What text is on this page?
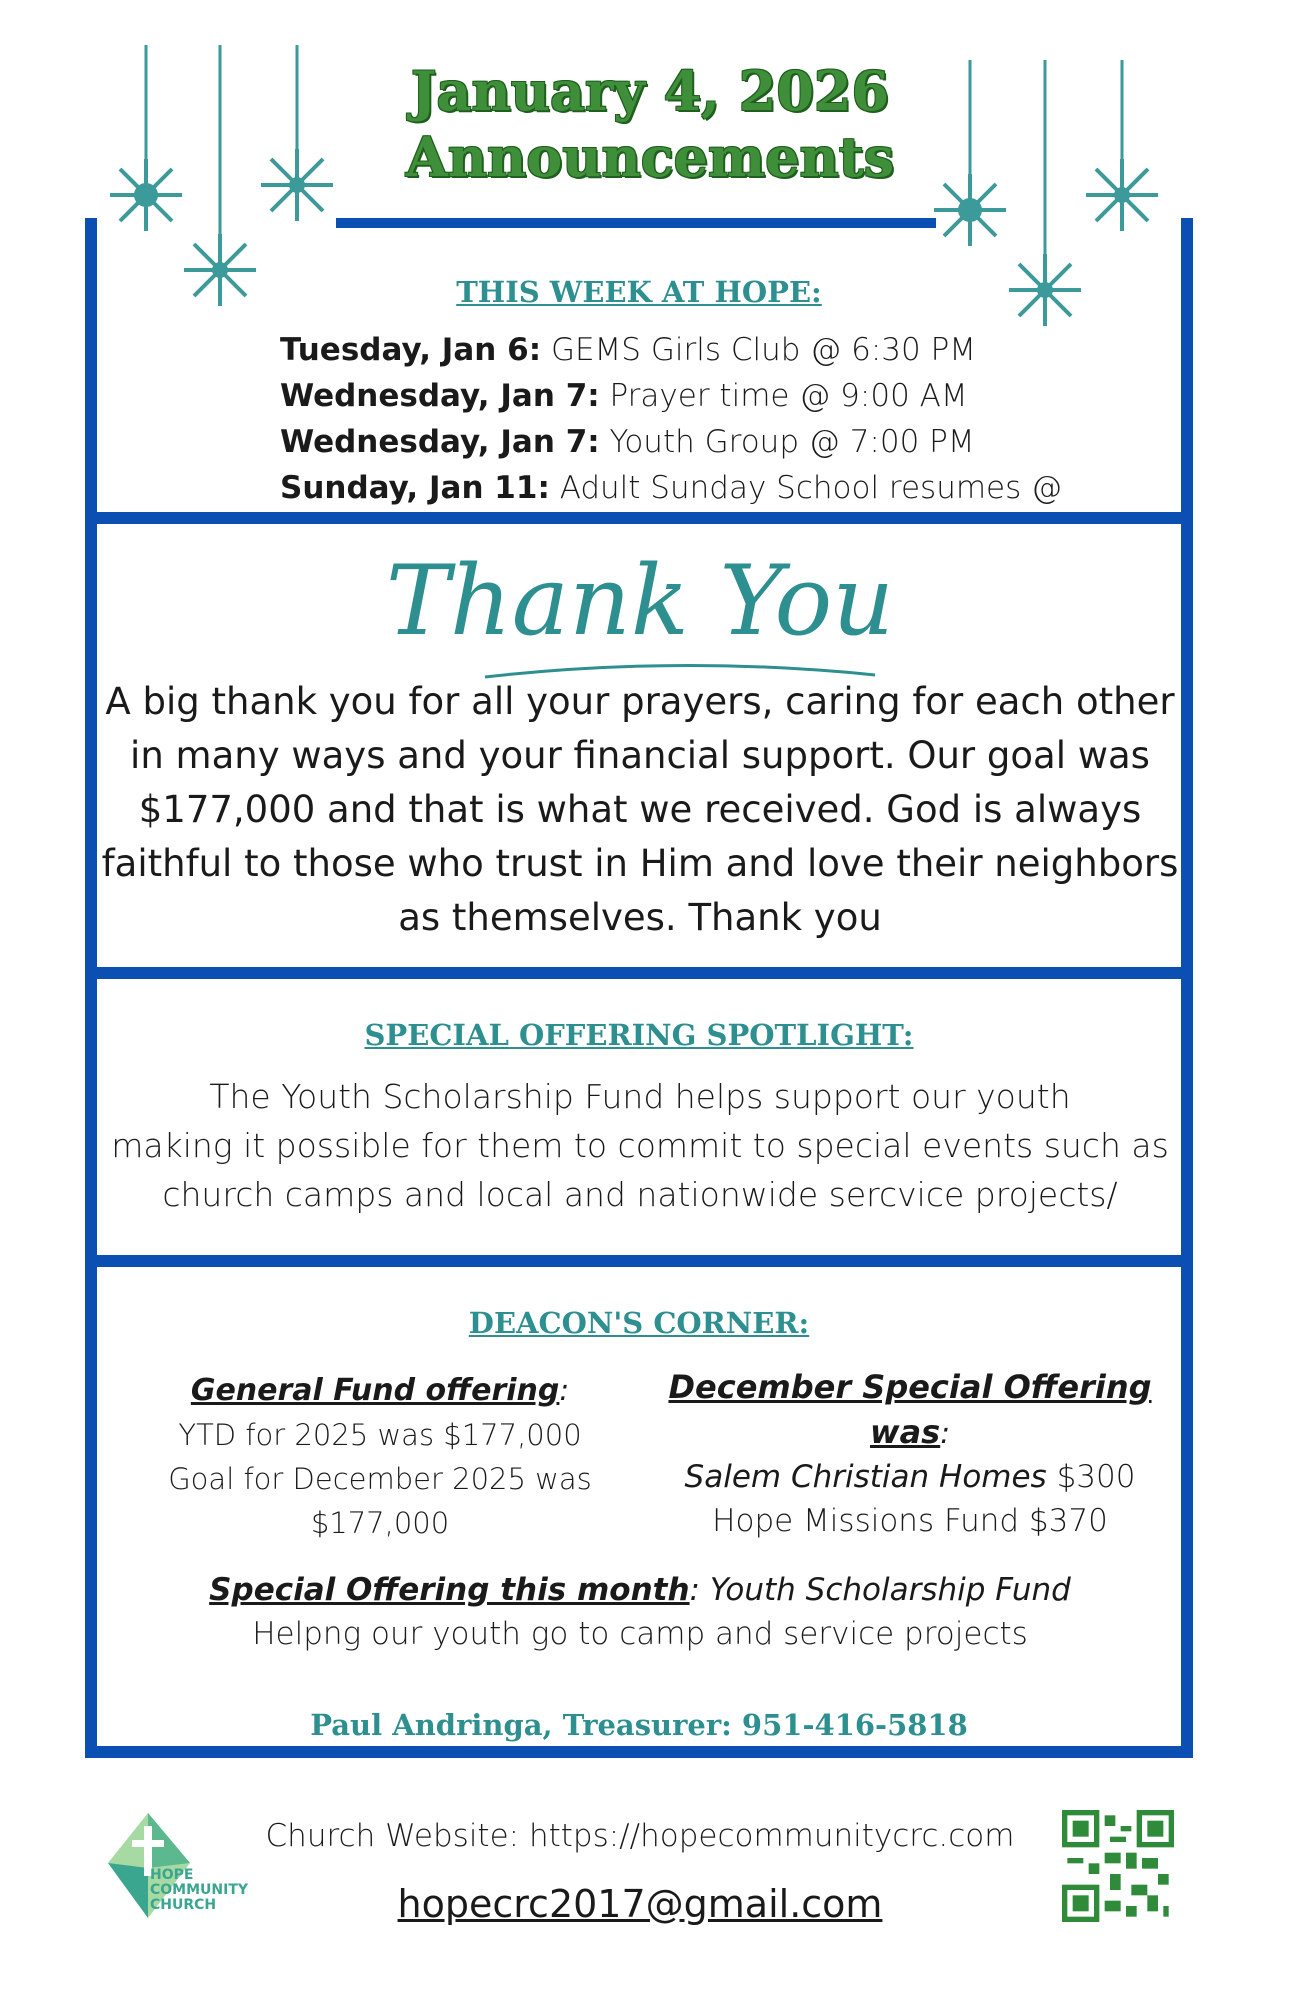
January 4, 2026
Announcements
THIS WEEK AT HOPE:
Tuesday, Jan 6: GEMS Girls Club @ 6:30 PM
Wednesday, Jan 7: Prayer time @ 9:00 AM
Wednesday, Jan 7: Youth Group @ 7:00 PM
Sunday, Jan 11: Adult Sunday School resumes @
Thank You
A big thank you for all your prayers, caring for each other in many ways and your financial support. Our goal was $177,000 and that is what we received. God is always faithful to those who trust in Him and love their neighbors as themselves. Thank you
SPECIAL OFFERING SPOTLIGHT:
The Youth Scholarship Fund helps support our youth
making it possible for them to commit to special events such as
church camps and local and nationwide sercvice projects/
DEACON'S CORNER:
General Fund offering:
YTD for 2025 was $177,000
Goal for December 2025 was $177,000
December Special Offering was:
Salem Christian Homes $300
Hope Missions Fund $370
Special Offering this month: Youth Scholarship Fund
Helpng our youth go to camp and service projects
Paul Andringa, Treasurer: 951-416-5818
HOPE
COMMUNITY
CHURCH
Church Website: https://hopecommunitycrc.com
hopecrc2017@gmail.com
